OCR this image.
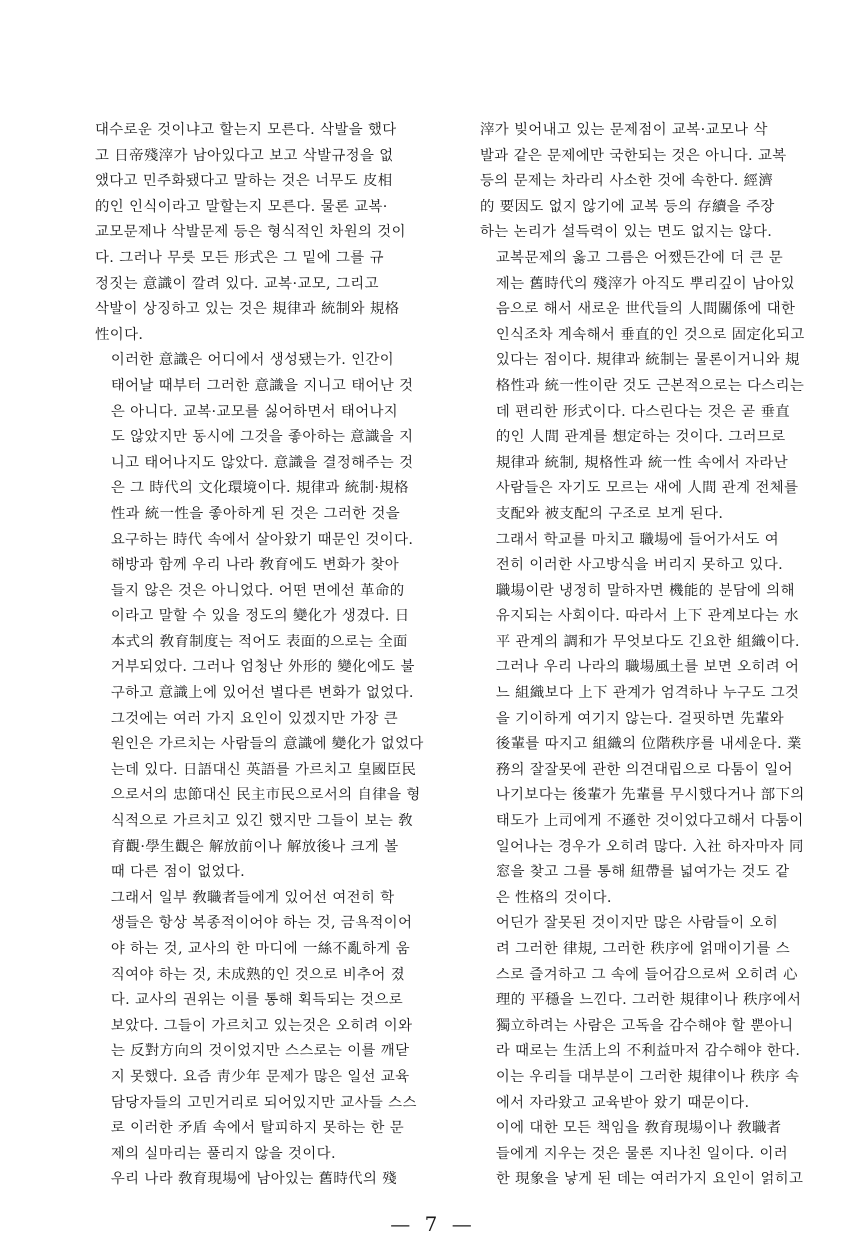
대수로운 것이냐고 할는지 모른다. 삭발을 했다
고 日帝殘滓가 남아있다고 보고 삭발규정을 없
앴다고 민주화됐다고 말하는 것은 너무도 皮相
的인 인식이라고 말할는지 모른다. 물론 교복·
교모문제나 삭발문제 등은 형식적인 차원의 것이
다. 그러나 무릇 모든 形式은 그 밑에 그를 규
정짓는 意識이 깔려 있다. 교복·교모, 그리고
삭발이 상징하고 있는 것은 規律과 統制와 規格
性이다.

이러한 意識은 어디에서 생성됐는가. 인간이
태어날 때부터 그러한 意識을 지니고 태어난 것
은 아니다. 교복·교모를 싫어하면서 태어나지
도 않았지만 동시에 그것을 좋아하는 意識을 지
니고 태어나지도 않았다. 意識을 결정해주는 것
은 그 時代의 文化環境이다. 規律과 統制·規格
性과 統一性을 좋아하게 된 것은 그러한 것을
요구하는 時代 속에서 살아왔기 때문인 것이다.

해방과 함께 우리 나라 敎育에도 변화가 찾아
들지 않은 것은 아니었다. 어떤 면에선 革命的
이라고 말할 수 있을 정도의 變化가 생겼다. 日
本式의 敎育制度는 적어도 表面的으로는 全面
거부되었다. 그러나 엄청난 外形的 變化에도 불
구하고 意識上에 있어선 별다른 변화가 없었다.
그것에는 여러 가지 요인이 있겠지만 가장 큰
원인은 가르치는 사람들의 意識에 變化가 없었다
는데 있다. 日語대신 英語를 가르치고 皇國臣民
으로서의 忠節대신 民主市民으로서의 自律을 형
식적으로 가르치고 있긴 했지만 그들이 보는 敎
育觀·學生觀은 解放前이나 解放後나 크게 볼
때 다른 점이 없었다.

그래서 일부 敎職者들에게 있어선 여전히 학
생들은 항상 복종적이어야 하는 것, 금욕적이어
야 하는 것, 교사의 한 마디에 一絲不亂하게 움
직여야 하는 것, 未成熟的인 것으로 비추어 졌
다. 교사의 권위는 이를 통해 획득되는 것으로
보았다. 그들이 가르치고 있는것은 오히려 이와
는 反對方向의 것이었지만 스스로는 이를 깨닫
지 못했다. 요즘 靑少年 문제가 많은 일선 교육
담당자들의 고민거리로 되어있지만 교사들 스스
로 이러한 矛盾 속에서 탈피하지 못하는 한 문
제의 실마리는 풀리지 않을 것이다.

우리 나라 敎育現場에 남아있는 舊時代의 殘

滓가 빚어내고 있는 문제점이 교복·교모나 삭
발과 같은 문제에만 국한되는 것은 아니다. 교복
등의 문제는 차라리 사소한 것에 속한다. 經濟
的 要因도 없지 않기에 교복 등의 存續을 주장
하는 논리가 설득력이 있는 면도 없지는 않다.

교복문제의 옳고 그름은 어쨌든간에 더 큰 문
제는 舊時代의 殘滓가 아직도 뿌리깊이 남아있
음으로 해서 새로운 世代들의 人間關係에 대한
인식조차 계속해서 垂直的인 것으로 固定化되고
있다는 점이다. 規律과 統制는 물론이거니와 規
格性과 統一性이란 것도 근본적으로는 다스리는
데 편리한 形式이다. 다스린다는 것은 곧 垂直
的인 人間 관계를 想定하는 것이다. 그러므로
規律과 統制, 規格性과 統一性 속에서 자라난
사람들은 자기도 모르는 새에 人間 관계 전체를
支配와 被支配의 구조로 보게 된다.

그래서 학교를 마치고 職場에 들어가서도 여
전히 이러한 사고방식을 버리지 못하고 있다.
職場이란 냉정히 말하자면 機能的 분담에 의해
유지되는 사회이다. 따라서 上下 관계보다는 水
平 관계의 調和가 무엇보다도 긴요한 組織이다.
그러나 우리 나라의 職場風土를 보면 오히려 어
느 組織보다 上下 관계가 엄격하나 누구도 그것
을 기이하게 여기지 않는다. 걸핏하면 先輩와
後輩를 따지고 組織의 位階秩序를 내세운다. 業
務의 잘잘못에 관한 의견대립으로 다툼이 일어
나기보다는 後輩가 先輩를 무시했다거나 部下의
태도가 上司에게 不遜한 것이었다고해서 다툼이
일어나는 경우가 오히려 많다. 入社 하자마자 同
窓을 찾고 그를 통해 紐帶를 넓여가는 것도 같
은 性格의 것이다.

어딘가 잘못된 것이지만 많은 사람들이 오히
려 그러한 律規, 그러한 秩序에 얽매이기를 스
스로 즐겨하고 그 속에 들어감으로써 오히려 心
理的 平穩을 느낀다. 그러한 規律이나 秩序에서
獨立하려는 사람은 고독을 감수해야 할 뿐아니
라 때로는 生活上의 不利益마저 감수해야 한다.
이는 우리들 대부분이 그러한 規律이나 秩序 속
에서 자라왔고 교육받아 왔기 때문이다.

이에 대한 모든 책임을 敎育現場이나 敎職者
들에게 지우는 것은 물론 지나친 일이다. 이러
한 現象을 낳게 된 데는 여러가지 요인이 얽히고

— 7 —
